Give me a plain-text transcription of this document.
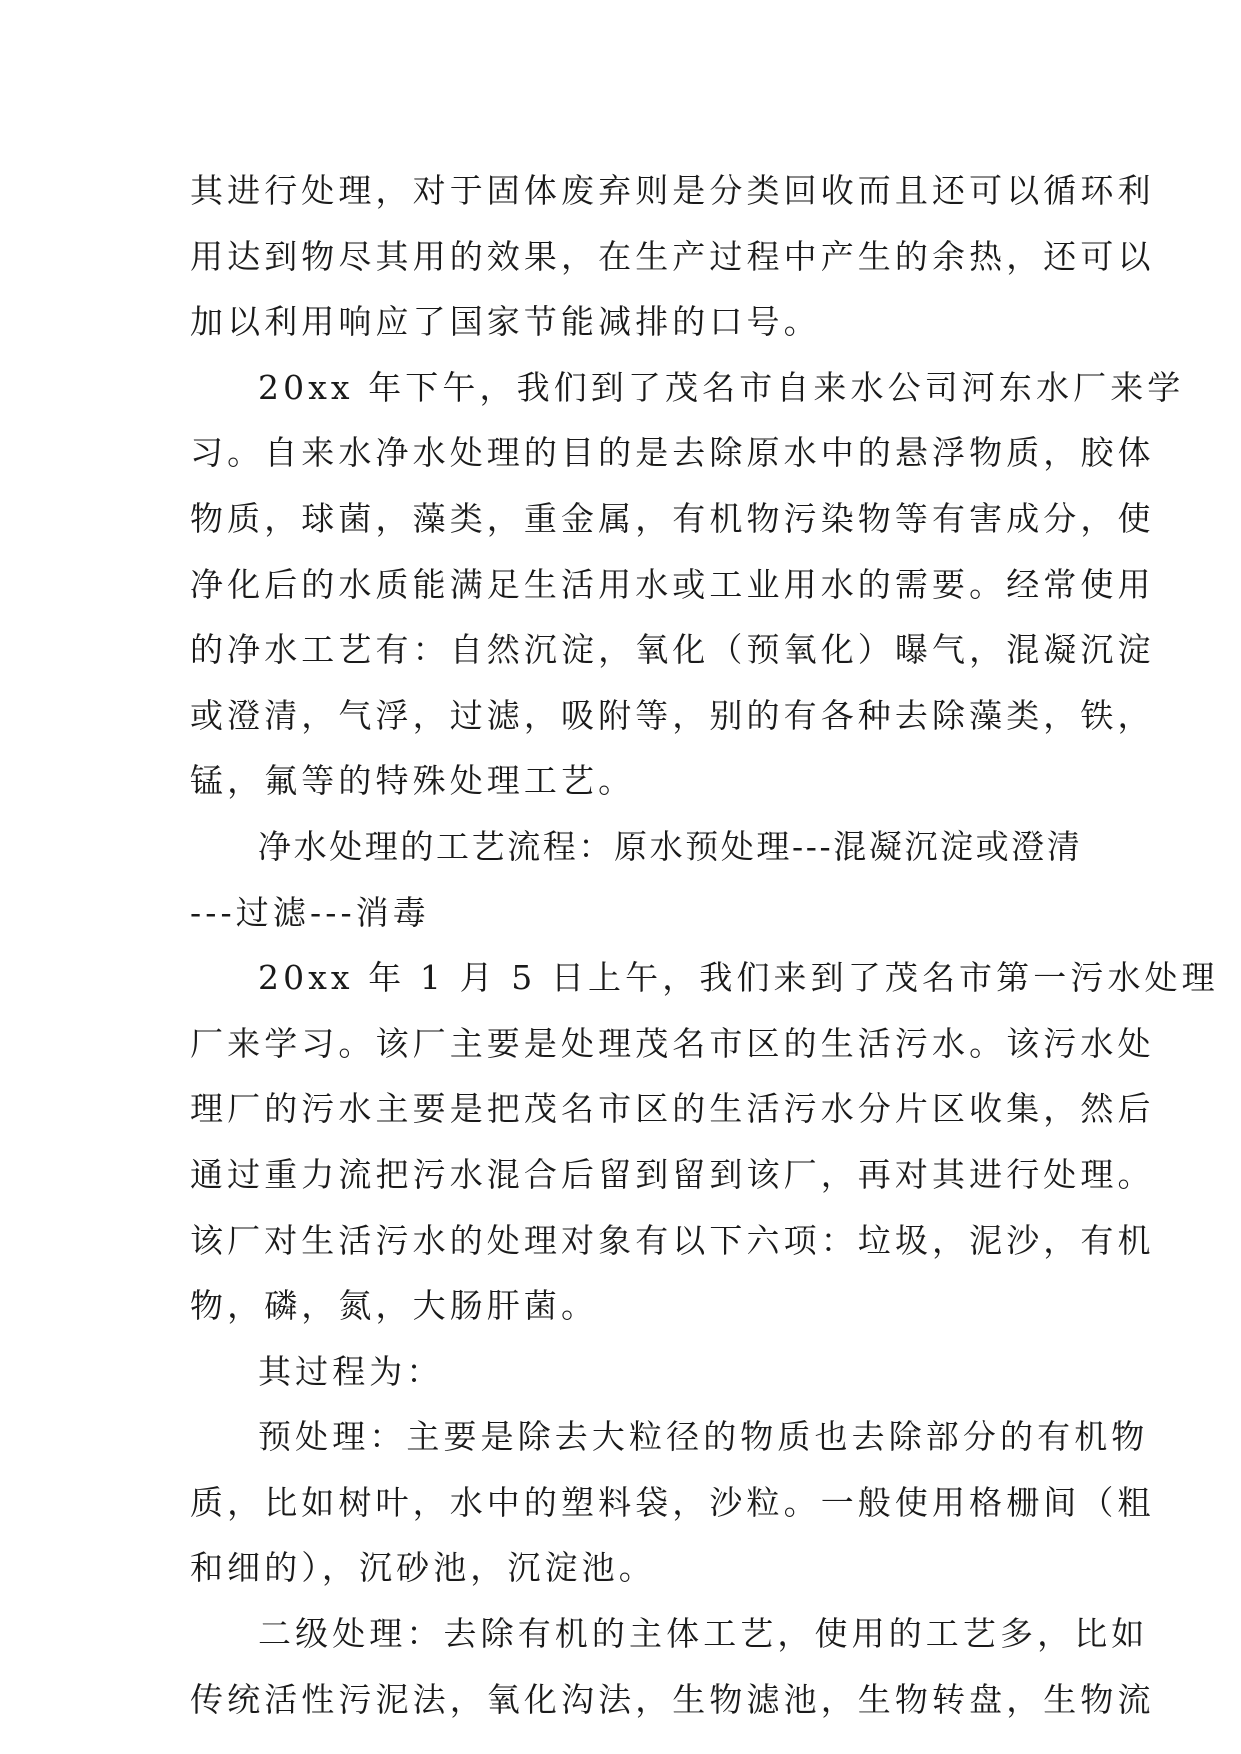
其进行处理，对于固体废弃则是分类回收而且还可以循环利
用达到物尽其用的效果，在生产过程中产生的余热，还可以
加以利用响应了国家节能减排的口号。
20xx 年下午，我们到了茂名市自来水公司河东水厂来学
习。自来水净水处理的目的是去除原水中的悬浮物质，胶体
物质，球菌，藻类，重金属，有机物污染物等有害成分，使
净化后的水质能满足生活用水或工业用水的需要。经常使用
的净水工艺有：自然沉淀，氧化（预氧化）曝气，混凝沉淀
或澄清，气浮，过滤，吸附等，别的有各种去除藻类，铁，
锰，氟等的特殊处理工艺。
净水处理的工艺流程：原水预处理---混凝沉淀或澄清
---过滤---消毒
20xx 年 1 月 5 日上午，我们来到了茂名市第一污水处理
厂来学习。该厂主要是处理茂名市区的生活污水。该污水处
理厂的污水主要是把茂名市区的生活污水分片区收集，然后
通过重力流把污水混合后留到留到该厂，再对其进行处理。
该厂对生活污水的处理对象有以下六项：垃圾，泥沙，有机
物，磷，氮，大肠肝菌。
其过程为：
预处理：主要是除去大粒径的物质也去除部分的有机物
质，比如树叶，水中的塑料袋，沙粒。一般使用格栅间（粗
和细的），沉砂池，沉淀池。
二级处理：去除有机的主体工艺，使用的工艺多，比如
传统活性污泥法，氧化沟法，生物滤池，生物转盘，生物流
